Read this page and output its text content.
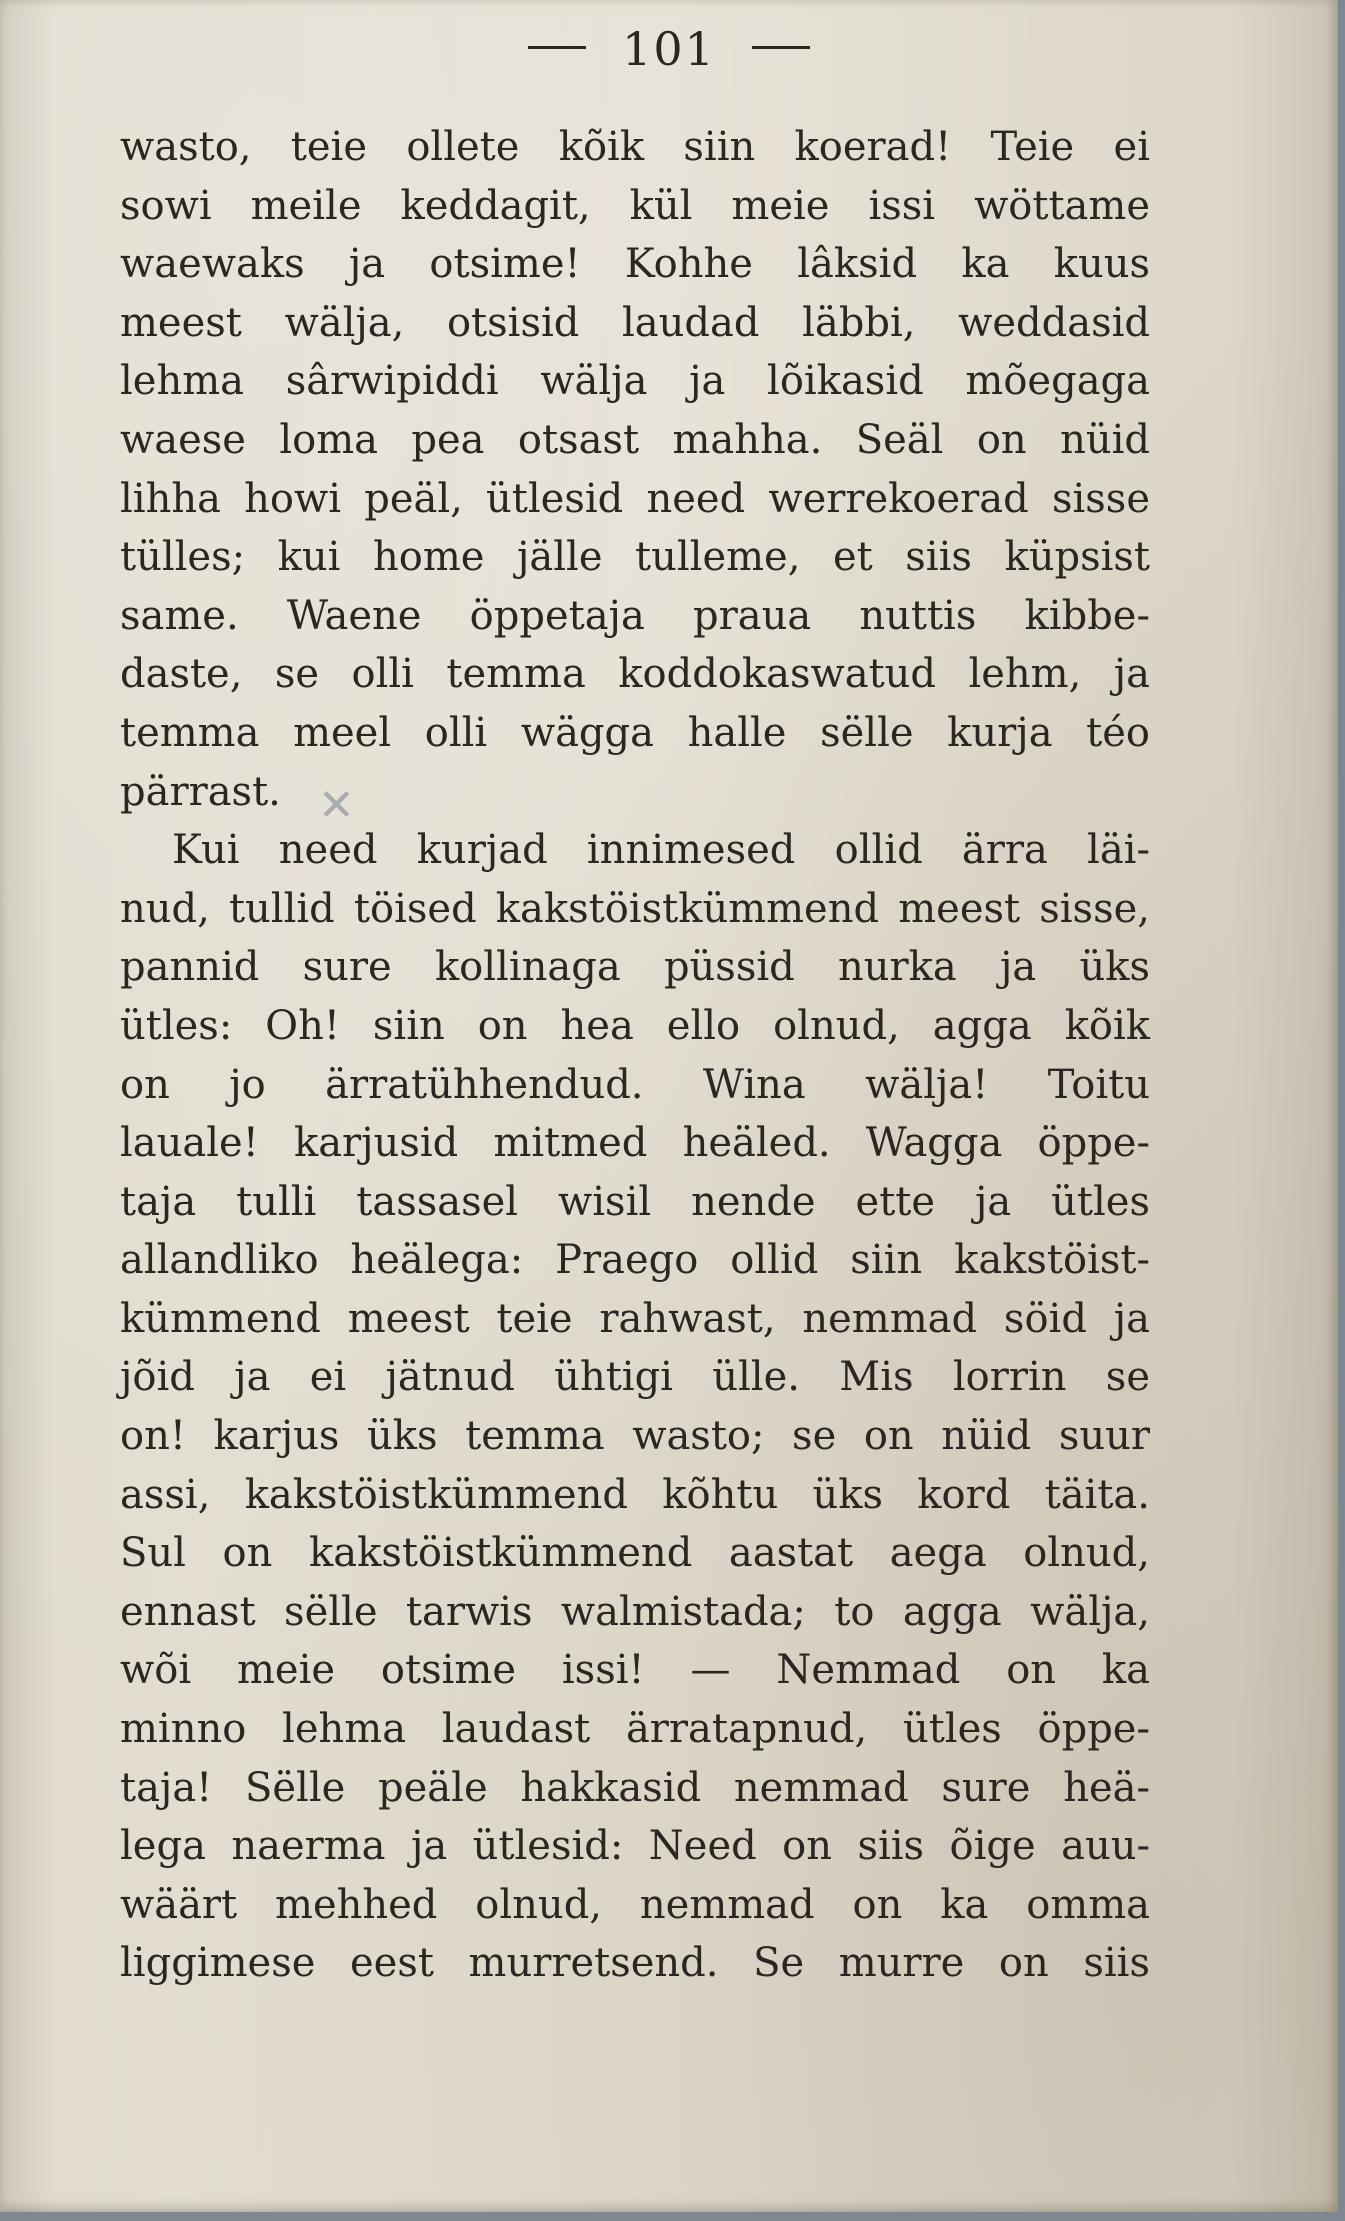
101
wasto, teie ollete kõik siin koerad! Teie ei
sowi meile keddagit, kül meie issi wöttame
waewaks ja otsime! Kohhe lâksid ka kuus
meest wälja, otsisid laudad läbbi, weddasid
lehma sârwipiddi wälja ja lõikasid mõegaga
waese loma pea otsast mahha. Seäl on nüid
lihha howi peäl, ütlesid need werrekoerad sisse
tülles; kui home jälle tulleme, et siis küpsist
same. Waene öppetaja praua nuttis kibbe-
daste, se olli temma koddokaswatud lehm, ja
temma meel olli wägga halle sëlle kurja téo
pärrast.
Kui need kurjad innimesed ollid ärra läi-
nud, tullid töised kakstöistkümmend meest sisse,
pannid sure kollinaga püssid nurka ja üks
ütles: Oh! siin on hea ello olnud, agga kõik
on jo ärratühhendud. Wina wälja! Toitu
lauale! karjusid mitmed heäled. Wagga öppe-
taja tulli tassasel wisil nende ette ja ütles
allandliko heälega: Praego ollid siin kakstöist-
kümmend meest teie rahwast, nemmad söid ja
jõid ja ei jätnud ühtigi ülle. Mis lorrin se
on! karjus üks temma wasto; se on nüid suur
assi, kakstöistkümmend kõhtu üks kord täita.
Sul on kakstöistkümmend aastat aega olnud,
ennast sëlle tarwis walmistada; to agga wälja,
wõi meie otsime issi! — Nemmad on ka
minno lehma laudast ärratapnud, ütles öppe-
taja! Sëlle peäle hakkasid nemmad sure heä-
lega naerma ja ütlesid: Need on siis õige auu-
wäärt mehhed olnud, nemmad on ka omma
liggimese eest murretsend. Se murre on siis
✕
